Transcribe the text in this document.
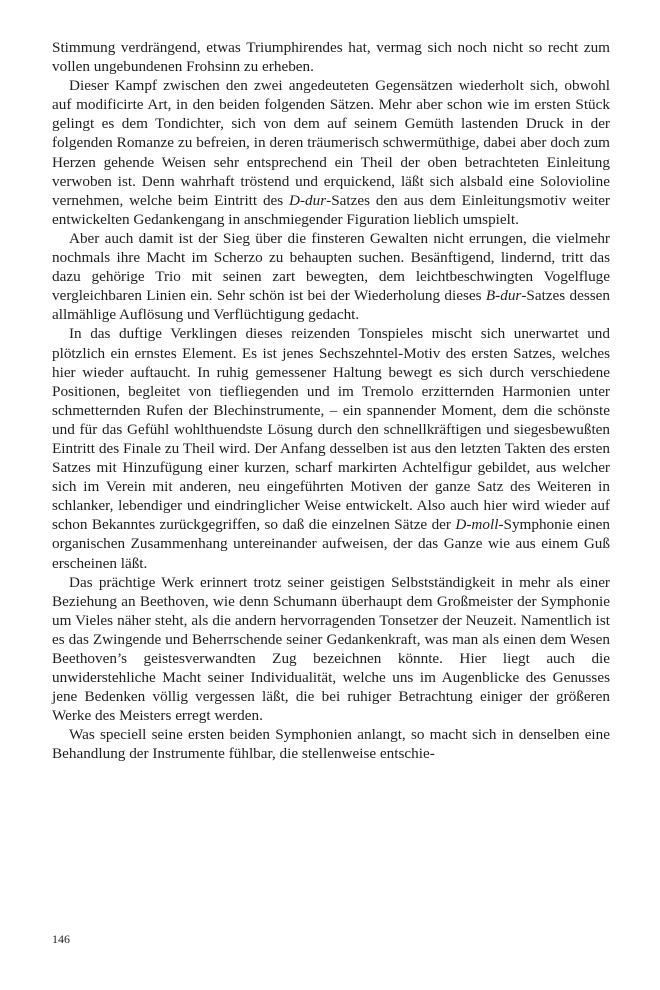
Stimmung verdrängend, etwas Triumphirendes hat, vermag sich noch nicht so recht zum vollen ungebundenen Frohsinn zu erheben.

Dieser Kampf zwischen den zwei angedeuteten Gegensätzen wiederholt sich, obwohl auf modificirte Art, in den beiden folgenden Sätzen. Mehr aber schon wie im ersten Stück gelingt es dem Tondichter, sich von dem auf seinem Gemüth lastenden Druck in der folgenden Romanze zu befreien, in deren träumerisch schwermüthige, dabei aber doch zum Herzen gehende Weisen sehr entsprechend ein Theil der oben betrachteten Einleitung verwoben ist. Denn wahrhaft tröstend und erquickend, läßt sich alsbald eine Solovioline vernehmen, welche beim Eintritt des D-dur-Satzes den aus dem Einleitungsmotiv weiter entwickelten Gedankengang in anschmiegender Figuration lieblich umspielt.

Aber auch damit ist der Sieg über die finsteren Gewalten nicht errungen, die vielmehr nochmals ihre Macht im Scherzo zu behaupten suchen. Besänftigend, lindernd, tritt das dazu gehörige Trio mit seinen zart bewegten, dem leichtbeschwingten Vogelfluge vergleichbaren Linien ein. Sehr schön ist bei der Wiederholung dieses B-dur-Satzes dessen allmählige Auflösung und Verflüchtigung gedacht.

In das duftige Verklingen dieses reizenden Tonspieles mischt sich unerwartet und plötzlich ein ernstes Element. Es ist jenes Sechszehntel-Motiv des ersten Satzes, welches hier wieder auftaucht. In ruhig gemessener Haltung bewegt es sich durch verschiedene Positionen, begleitet von tiefliegenden und im Tremolo erzitternden Harmonien unter schmetternden Rufen der Blechinstrumente, – ein spannender Moment, dem die schönste und für das Gefühl wohlthuendste Lösung durch den schnellkräftigen und siegesbewußten Eintritt des Finale zu Theil wird. Der Anfang desselben ist aus den letzten Takten des ersten Satzes mit Hinzufügung einer kurzen, scharf markirten Achtelfigur gebildet, aus welcher sich im Verein mit anderen, neu eingeführten Motiven der ganze Satz des Weiteren in schlanker, lebendiger und eindringlicher Weise entwickelt. Also auch hier wird wieder auf schon Bekanntes zurückgegriffen, so daß die einzelnen Sätze der D-moll-Symphonie einen organischen Zusammenhang untereinander aufweisen, der das Ganze wie aus einem Guß erscheinen läßt.

Das prächtige Werk erinnert trotz seiner geistigen Selbstständigkeit in mehr als einer Beziehung an Beethoven, wie denn Schumann überhaupt dem Großmeister der Symphonie um Vieles näher steht, als die andern hervorragenden Tonsetzer der Neuzeit. Namentlich ist es das Zwingende und Beherrschende seiner Gedankenkraft, was man als einen dem Wesen Beethoven’s geistesverwandten Zug bezeichnen könnte. Hier liegt auch die unwiderstehliche Macht seiner Individualität, welche uns im Augenblicke des Genusses jene Bedenken völlig vergessen läßt, die bei ruhiger Betrachtung einiger der größeren Werke des Meisters erregt werden.

Was speciell seine ersten beiden Symphonien anlangt, so macht sich in denselben eine Behandlung der Instrumente fühlbar, die stellenweise entschie-

146
